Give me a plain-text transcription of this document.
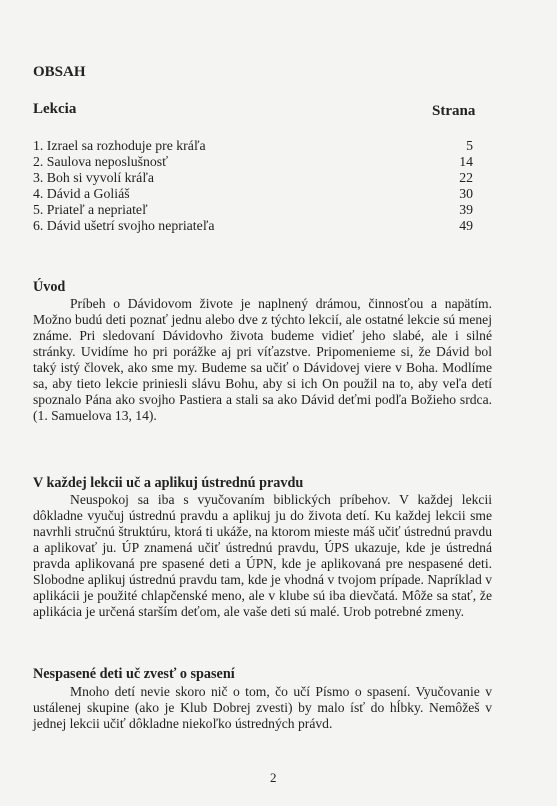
OBSAH
Lekcia	Strana
1. Izrael sa rozhoduje pre kráľa	5
2. Saulova neposlušnosť	14
3. Boh si vyvolí kráľa	22
4. Dávid a Goliáš	30
5. Priateľ a nepriateľ	39
6. Dávid ušetrí svojho nepriateľa	49
Úvod

Príbeh o Dávidovom živote je naplnený drámou, činnosťou a napätím. Možno budú deti poznať jednu alebo dve z týchto lekcií, ale ostatné lekcie sú menej známe. Pri sledovaní Dávidovho života budeme vidieť jeho slabé, ale i silné stránky. Uvidíme ho pri porážke aj pri víťazstve. Pripomenieme si, že Dávid bol taký istý človek, ako sme my. Budeme sa učiť o Dávidovej viere v Boha. Modlíme sa, aby tieto lekcie priniesli slávu Bohu, aby si ich On použil na to, aby veľa detí spoznalo Pána ako svojho Pastiera a stali sa ako Dávid deťmi podľa Božieho srdca. (1. Samuelova 13, 14).

V každej lekcii uč a aplikuj ústrednú pravdu

Neuspokoj sa iba s vyučovaním biblických príbehov. V každej lekcii dôkladne vyučuj ústrednú pravdu a aplikuj ju do života detí. Ku každej lekcii sme navrhli stručnú štruktúru, ktorá ti ukáže, na ktorom mieste máš učiť ústrednú pravdu a aplikovať ju. ÚP znamená učiť ústrednú pravdu, ÚPS ukazuje, kde je ústredná pravda aplikovaná pre spasené deti a ÚPN, kde je aplikovaná pre nespasené deti. Slobodne aplikuj ústrednú pravdu tam, kde je vhodná v tvojom prípade. Napríklad v aplikácii je použité chlapčenské meno, ale v klube sú iba dievčatá. Môže sa stať, že aplikácia je určená starším deťom, ale vaše deti sú malé. Urob potrebné zmeny.

Nespasené deti uč zvesť o spasení

Mnoho detí nevie skoro nič o tom, čo učí Písmo o spasení. Vyučovanie v ustálenej skupine (ako je Klub Dobrej zvesti) by malo ísť do hĺbky. Nemôžeš v jednej lekcii učiť dôkladne niekoľko ústredných právd.

2
